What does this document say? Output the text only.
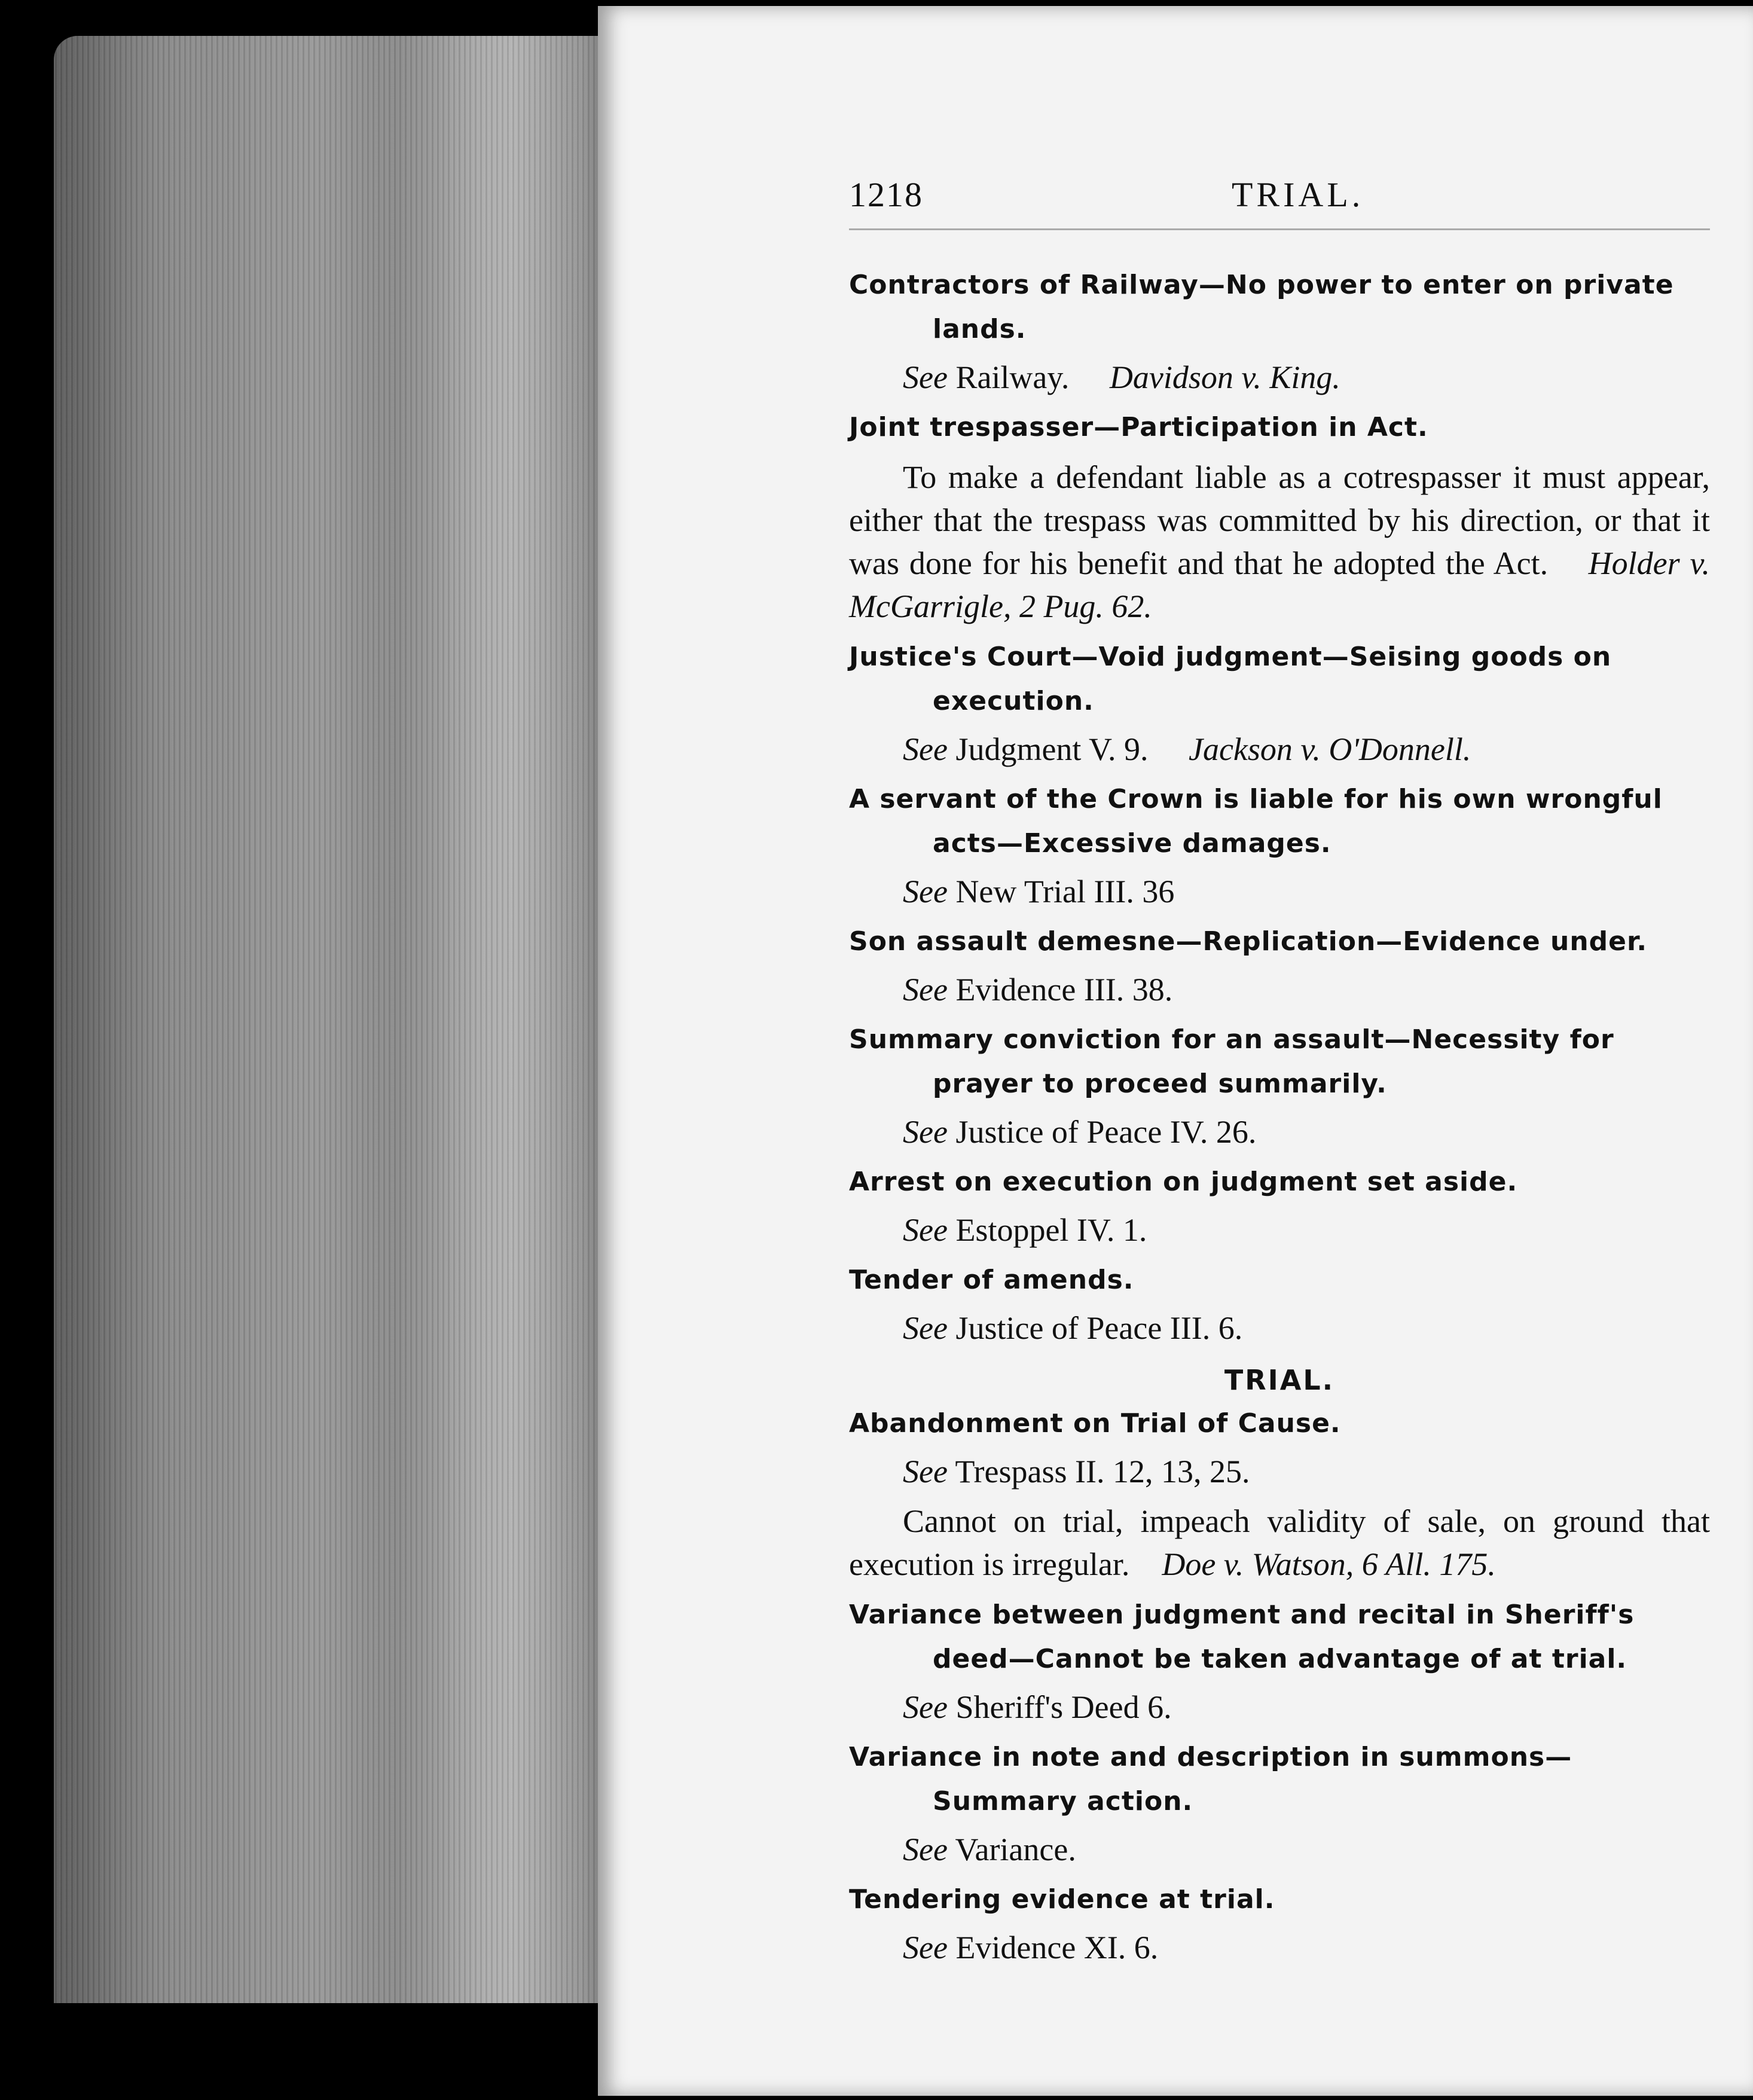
1218	TRIAL.

Contractors of Railway—No power to enter on private lands.

See Railway. Davidson v. King.

Joint trespasser—Participation in Act.

To make a defendant liable as a cotrespasser it must appear, either that the trespass was committed by his direction, or that it was done for his benefit and that he adopted the Act. Holder v. McGarrigle, 2 Pug. 62.

Justice's Court—Void judgment—Seising goods on execution.

See Judgment V. 9. Jackson v. O'Donnell.

A servant of the Crown is liable for his own wrongful acts—Excessive damages.

See New Trial III. 36

Son assault demesne—Replication—Evidence under.

See Evidence III. 38.

Summary conviction for an assault—Necessity for prayer to proceed summarily.

See Justice of Peace IV. 26.

Arrest on execution on judgment set aside.

See Estoppel IV. 1.

Tender of amends.

See Justice of Peace III. 6.

TRIAL.

Abandonment on Trial of Cause.

See Trespass II. 12, 13, 25.

Cannot on trial, impeach validity of sale, on ground that execution is irregular. Doe v. Watson, 6 All. 175.

Variance between judgment and recital in Sheriff's deed—Cannot be taken advantage of at trial.

See Sheriff's Deed 6.

Variance in note and description in summons—Summary action.

See Variance.

Tendering evidence at trial.

See Evidence XI. 6.
